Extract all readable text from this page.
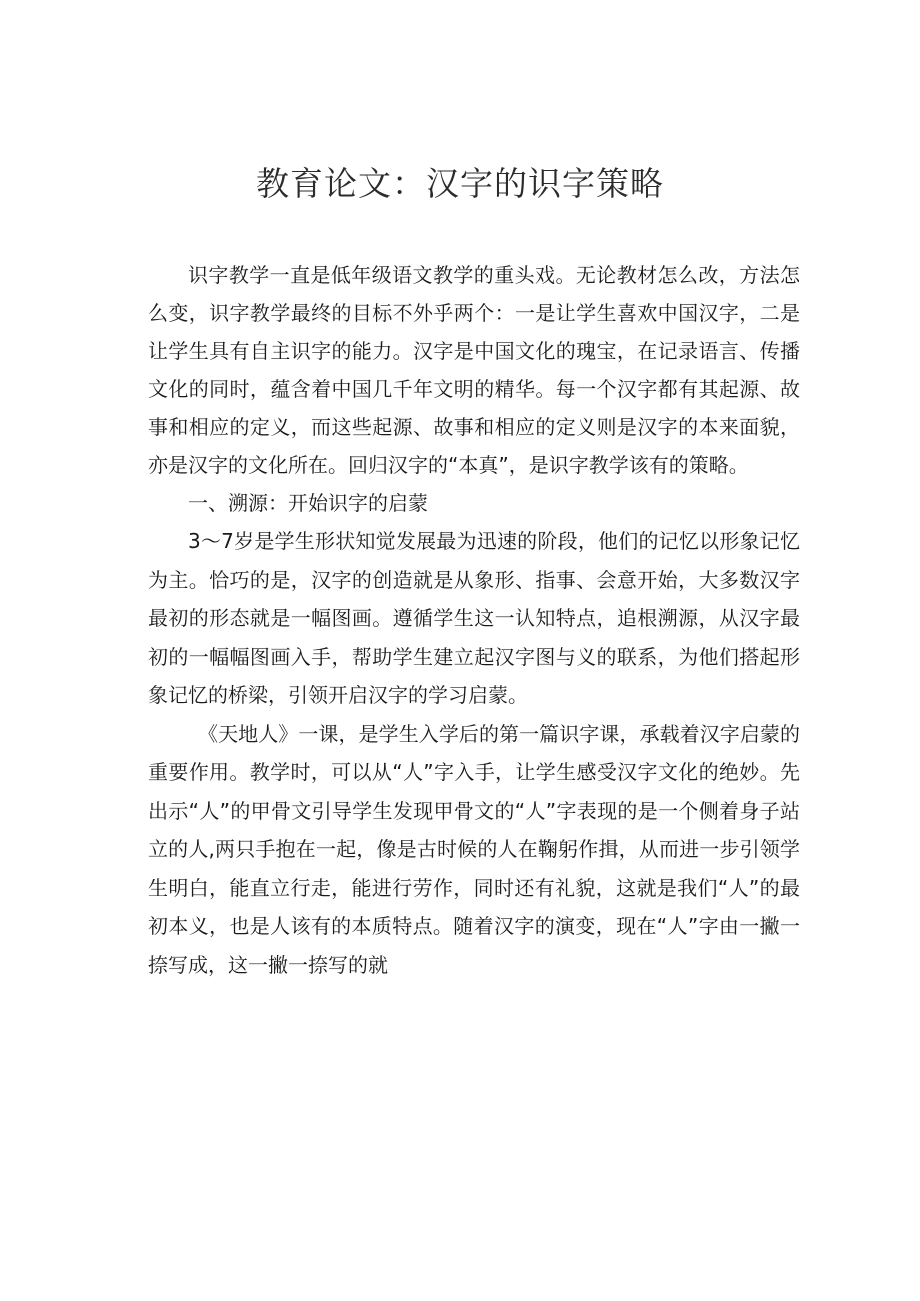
教育论文：汉字的识字策略

识字教学一直是低年级语文教学的重头戏。无论教材怎么改，方法怎么变，识字教学最终的目标不外乎两个：一是让学生喜欢中国汉字，二是让学生具有自主识字的能力。汉字是中国文化的瑰宝，在记录语言、传播文化的同时，蕴含着中国几千年文明的精华。每一个汉字都有其起源、故事和相应的定义，而这些起源、故事和相应的定义则是汉字的本来面貌，亦是汉字的文化所在。回归汉字的“本真”，是识字教学该有的策略。

一、溯源：开始识字的启蒙

3～7岁是学生形状知觉发展最为迅速的阶段，他们的记忆以形象记忆为主。恰巧的是，汉字的创造就是从象形、指事、会意开始，大多数汉字最初的形态就是一幅图画。遵循学生这一认知特点，追根溯源，从汉字最初的一幅幅图画入手，帮助学生建立起汉字图与义的联系，为他们搭起形象记忆的桥梁，引领开启汉字的学习启蒙。

《天地人》一课，是学生入学后的第一篇识字课，承载着汉字启蒙的重要作用。教学时，可以从“人”字入手，让学生感受汉字文化的绝妙。先出示“人”的甲骨文引导学生发现甲骨文的“人”字表现的是一个侧着身子站立的人,两只手抱在一起，像是古时候的人在鞠躬作揖，从而进一步引领学生明白，能直立行走，能进行劳作，同时还有礼貌，这就是我们“人”的最初本义，也是人该有的本质特点。随着汉字的演变，现在“人”字由一撇一捺写成，这一撇一捺写的就
